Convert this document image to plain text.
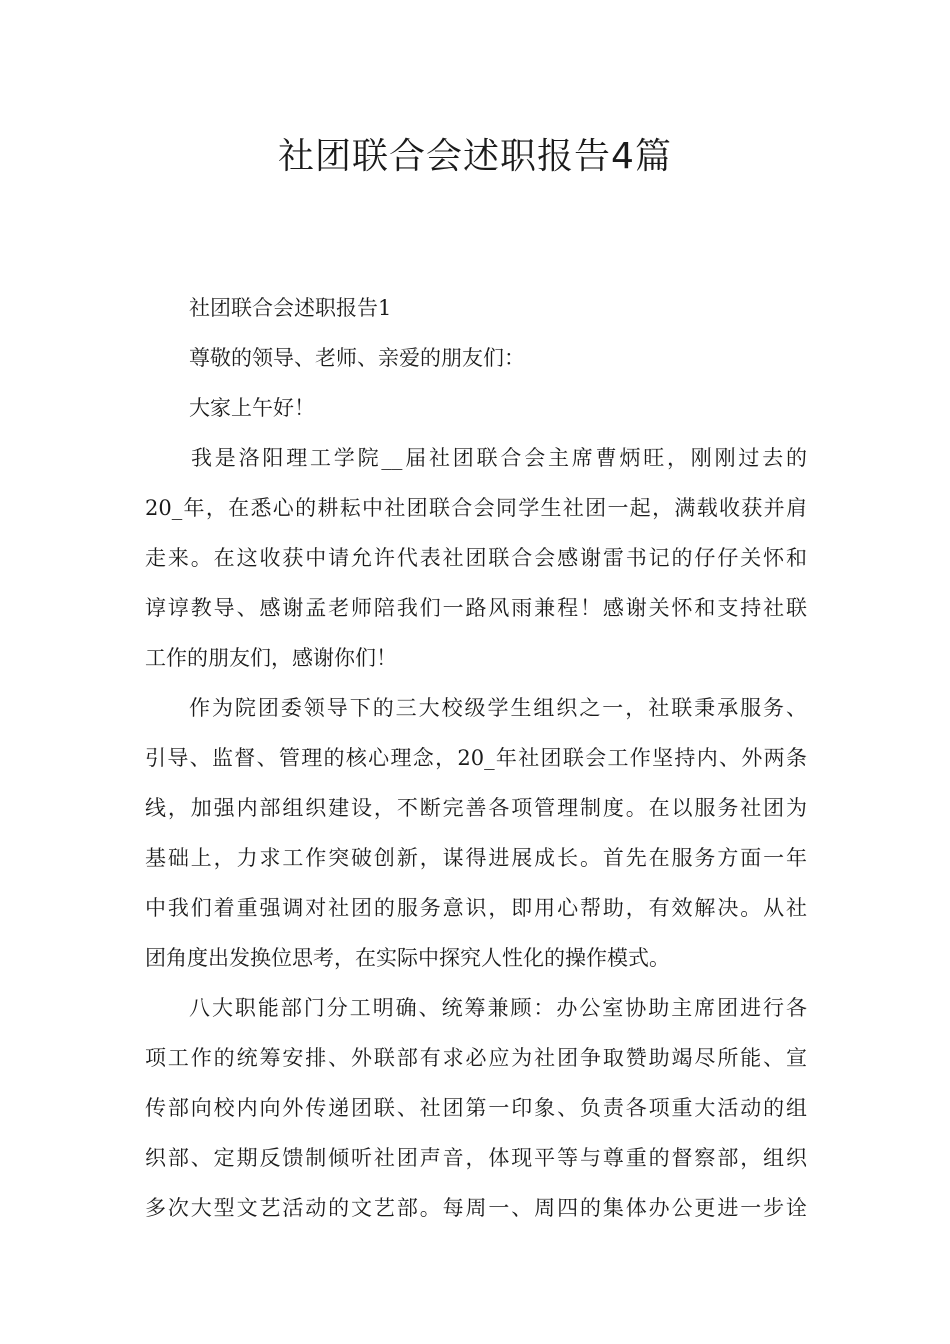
社团联合会述职报告4篇
社团联合会述职报告1
尊敬的领导、老师、亲爱的朋友们：
大家上午好！
我是洛阳理工学院__届社团联合会主席曹炳旺，刚刚过去的
20_年，在悉心的耕耘中社团联合会同学生社团一起，满载收获并肩
走来。在这收获中请允许代表社团联合会感谢雷书记的仔仔关怀和
谆谆教导、感谢孟老师陪我们一路风雨兼程！感谢关怀和支持社联
工作的朋友们，感谢你们！
作为院团委领导下的三大校级学生组织之一，社联秉承服务、
引导、监督、管理的核心理念，20_年社团联会工作坚持内、外两条
线，加强内部组织建设，不断完善各项管理制度。在以服务社团为
基础上，力求工作突破创新，谋得进展成长。首先在服务方面一年
中我们着重强调对社团的服务意识，即用心帮助，有效解决。从社
团角度出发换位思考，在实际中探究人性化的操作模式。
八大职能部门分工明确、统筹兼顾：办公室协助主席团进行各
项工作的统筹安排、外联部有求必应为社团争取赞助竭尽所能、宣
传部向校内向外传递团联、社团第一印象、负责各项重大活动的组
织部、定期反馈制倾听社团声音，体现平等与尊重的督察部，组织
多次大型文艺活动的文艺部。每周一、周四的集体办公更进一步诠
